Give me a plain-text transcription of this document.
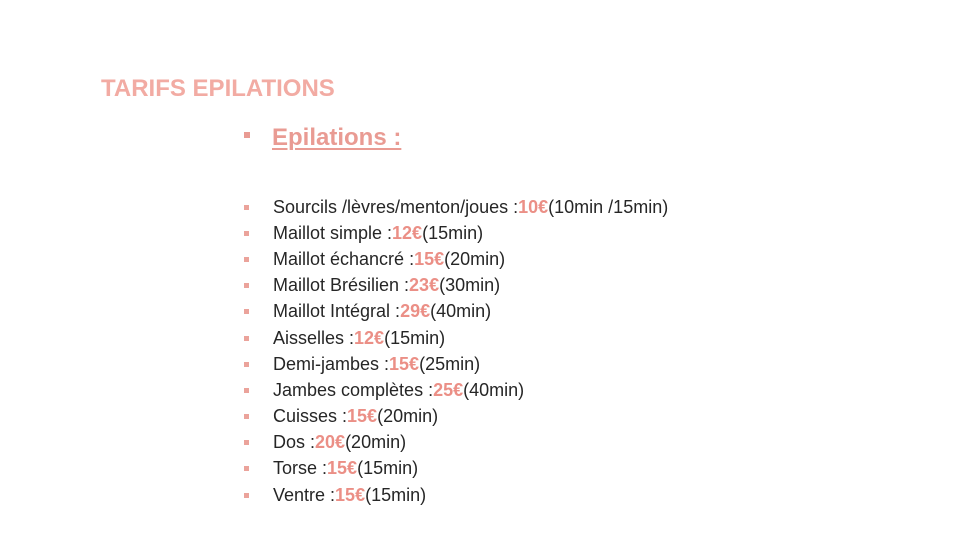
TARIFS EPILATIONS
Epilations :
Sourcils /lèvres/menton/joues : 10€ (10min /15min)
Maillot simple : 12€ (15min)
Maillot échancré : 15€ (20min)
Maillot Brésilien : 23€ (30min)
Maillot Intégral : 29€ (40min)
Aisselles : 12€ (15min)
Demi-jambes : 15€ (25min)
Jambes complètes : 25€ (40min)
Cuisses : 15€ (20min)
Dos : 20€ (20min)
Torse : 15€ (15min)
Ventre : 15€ (15min)
